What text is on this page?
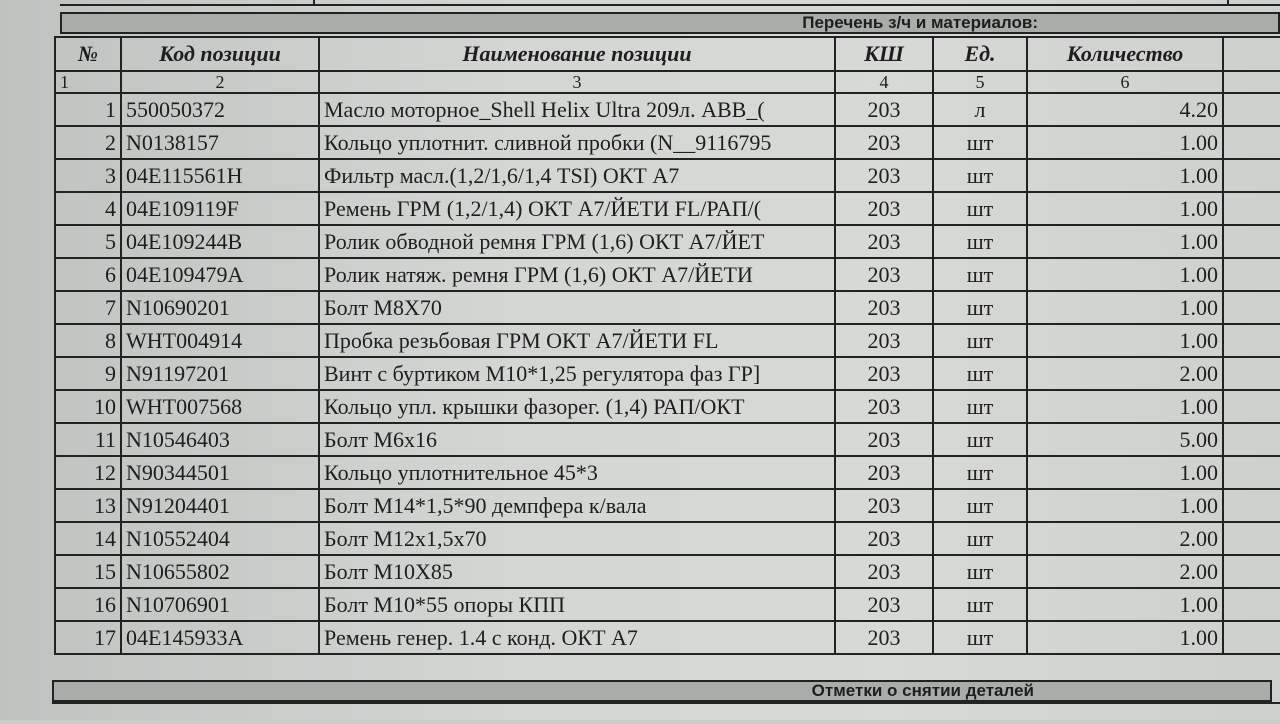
Перечень з/ч и материалов:
№	Код позиции	Наименование позиции	КШ	Ед.	Количество	
1	2	3	4	5	6	
1	550050372	Масло моторное_Shell Helix Ultra 209л. ABB_(	203	л	4.20	
2	N0138157	Кольцо уплотнит. сливной пробки (N__9116795	203	шт	1.00	
3	04E115561H	Фильтр масл.(1,2/1,6/1,4 TSI) ОКТ А7	203	шт	1.00	
4	04E109119F	Ремень ГРМ (1,2/1,4) ОКТ А7/ЙЕТИ FL/РАП/(	203	шт	1.00	
5	04E109244B	Ролик обводной ремня ГРМ (1,6) ОКТ А7/ЙЕТ	203	шт	1.00	
6	04E109479A	Ролик натяж. ремня ГРМ (1,6) ОКТ А7/ЙЕТИ	203	шт	1.00	
7	N10690201	Болт М8Х70	203	шт	1.00	
8	WHT004914	Пробка резьбовая ГРМ ОКТ А7/ЙЕТИ FL	203	шт	1.00	
9	N91197201	Винт с буртиком М10*1,25 регулятора фаз ГР]	203	шт	2.00	
10	WHT007568	Кольцо упл. крышки фазорег. (1,4) РАП/ОКТ	203	шт	1.00	
11	N10546403	Болт М6х16	203	шт	5.00	
12	N90344501	Кольцо уплотнительное 45*3	203	шт	1.00	
13	N91204401	Болт М14*1,5*90 демпфера к/вала	203	шт	1.00	
14	N10552404	Болт М12х1,5х70	203	шт	2.00	
15	N10655802	Болт М10Х85	203	шт	2.00	
16	N10706901	Болт М10*55 опоры КПП	203	шт	1.00	
17	04E145933A	Ремень генер. 1.4 с конд. ОКТ А7	203	шт	1.00	
Отметки о снятии деталей
